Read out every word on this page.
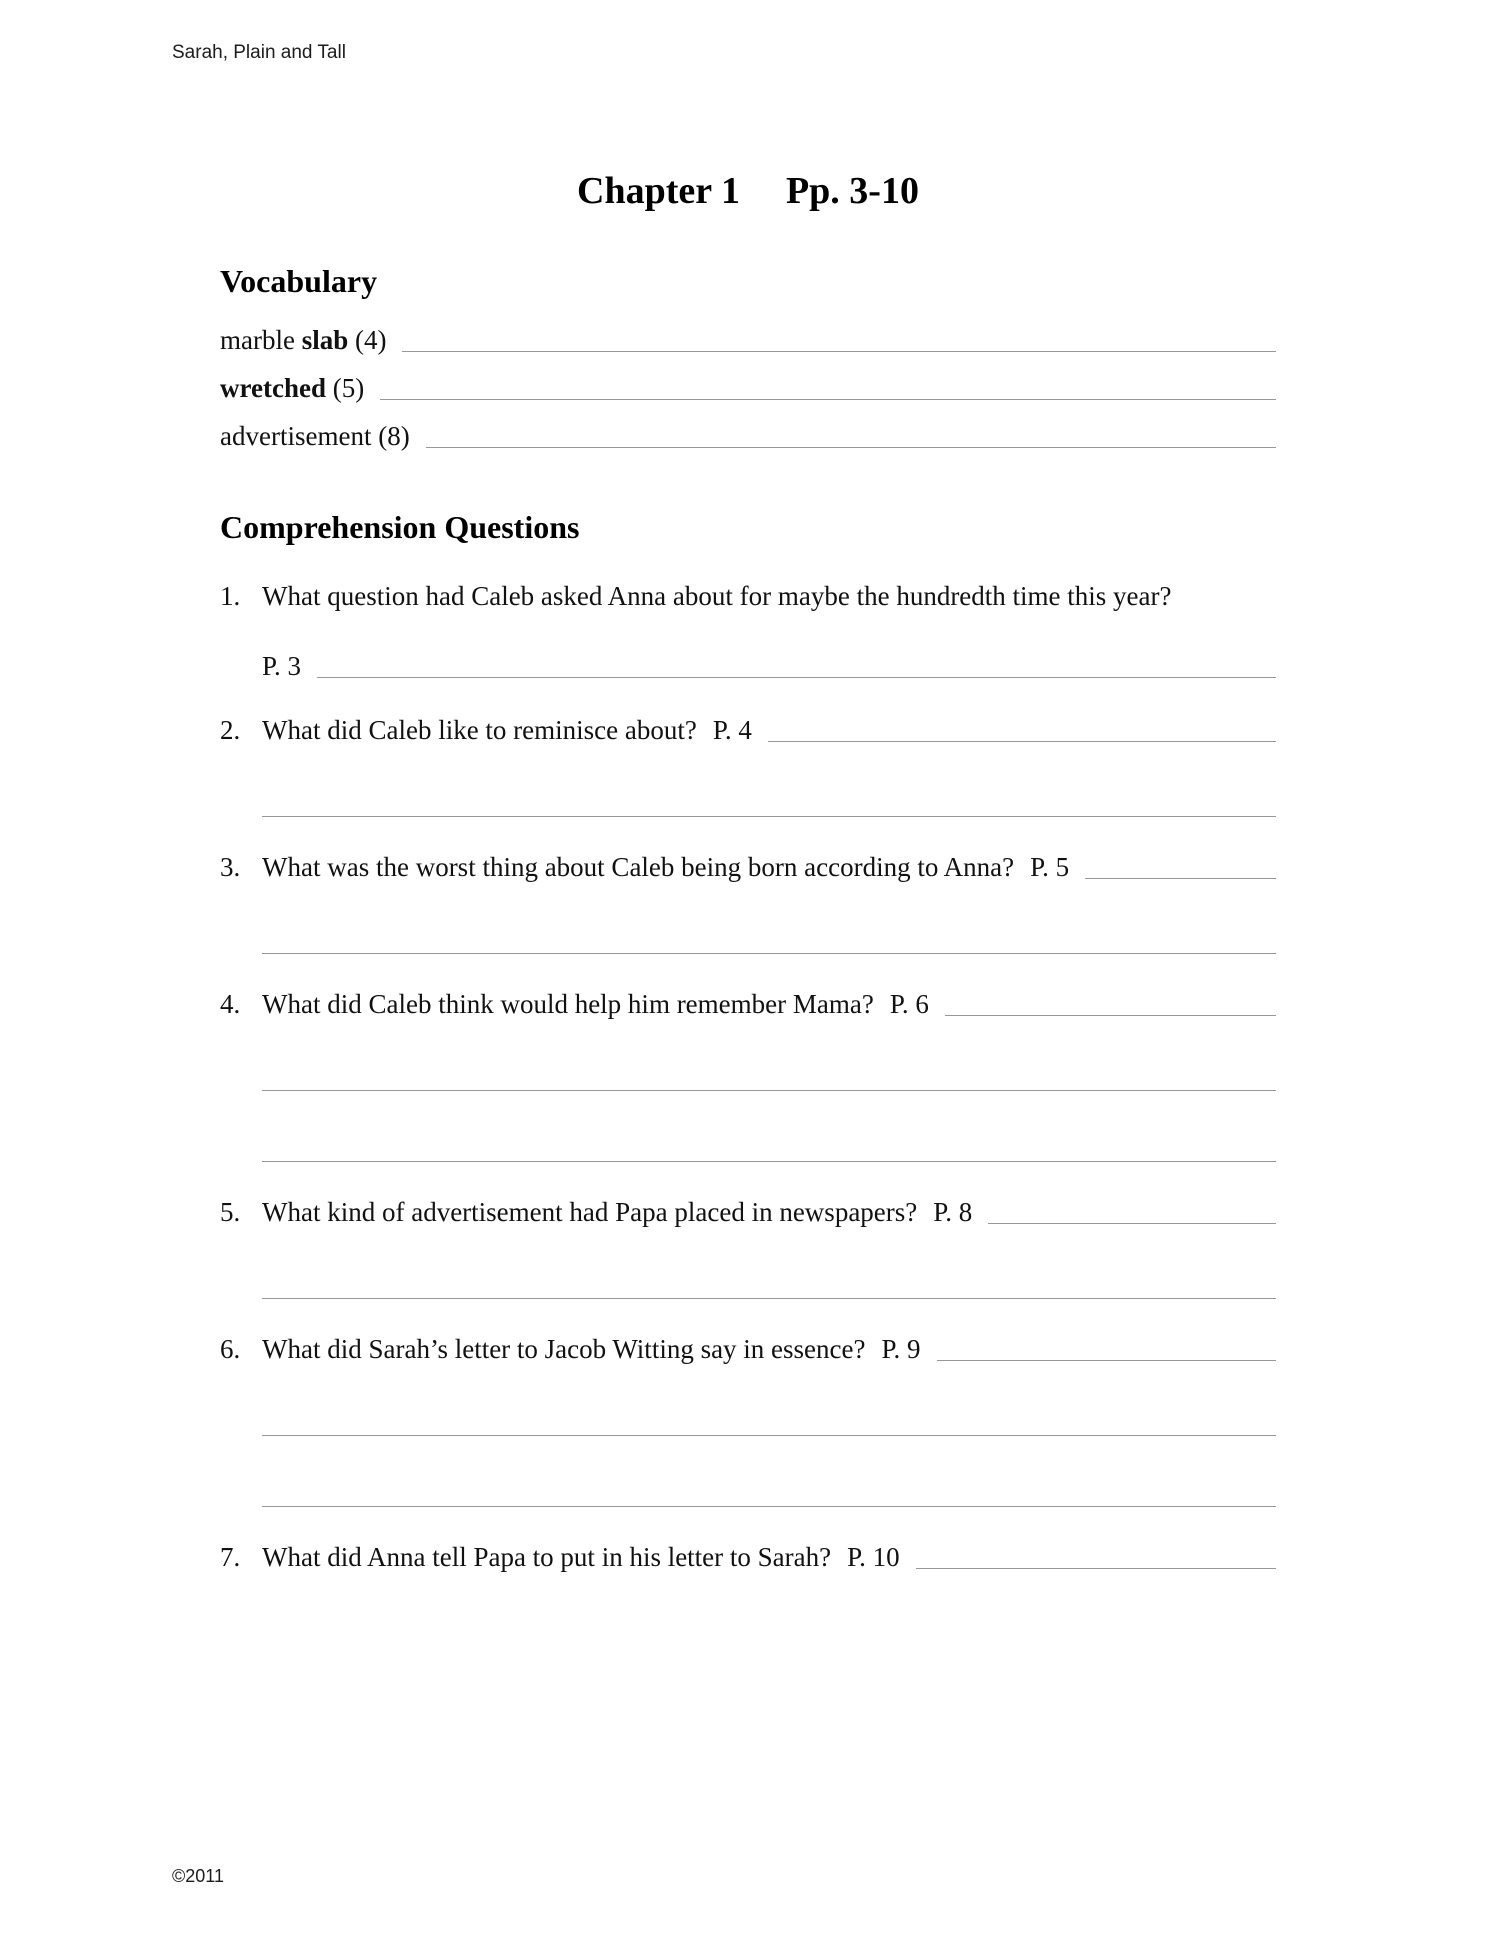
Sarah, Plain and Tall
Chapter 1 Pp. 3-10
Vocabulary
marble slab (4)
wretched (5)
advertisement (8)
Comprehension Questions
1. What question had Caleb asked Anna about for maybe the hundredth time this year?
P. 3
2. What did Caleb like to reminisce about? P. 4
3. What was the worst thing about Caleb being born according to Anna? P. 5
4. What did Caleb think would help him remember Mama? P. 6
5. What kind of advertisement had Papa placed in newspapers? P. 8
6. What did Sarah’s letter to Jacob Witting say in essence? P. 9
7. What did Anna tell Papa to put in his letter to Sarah? P. 10
©2011
